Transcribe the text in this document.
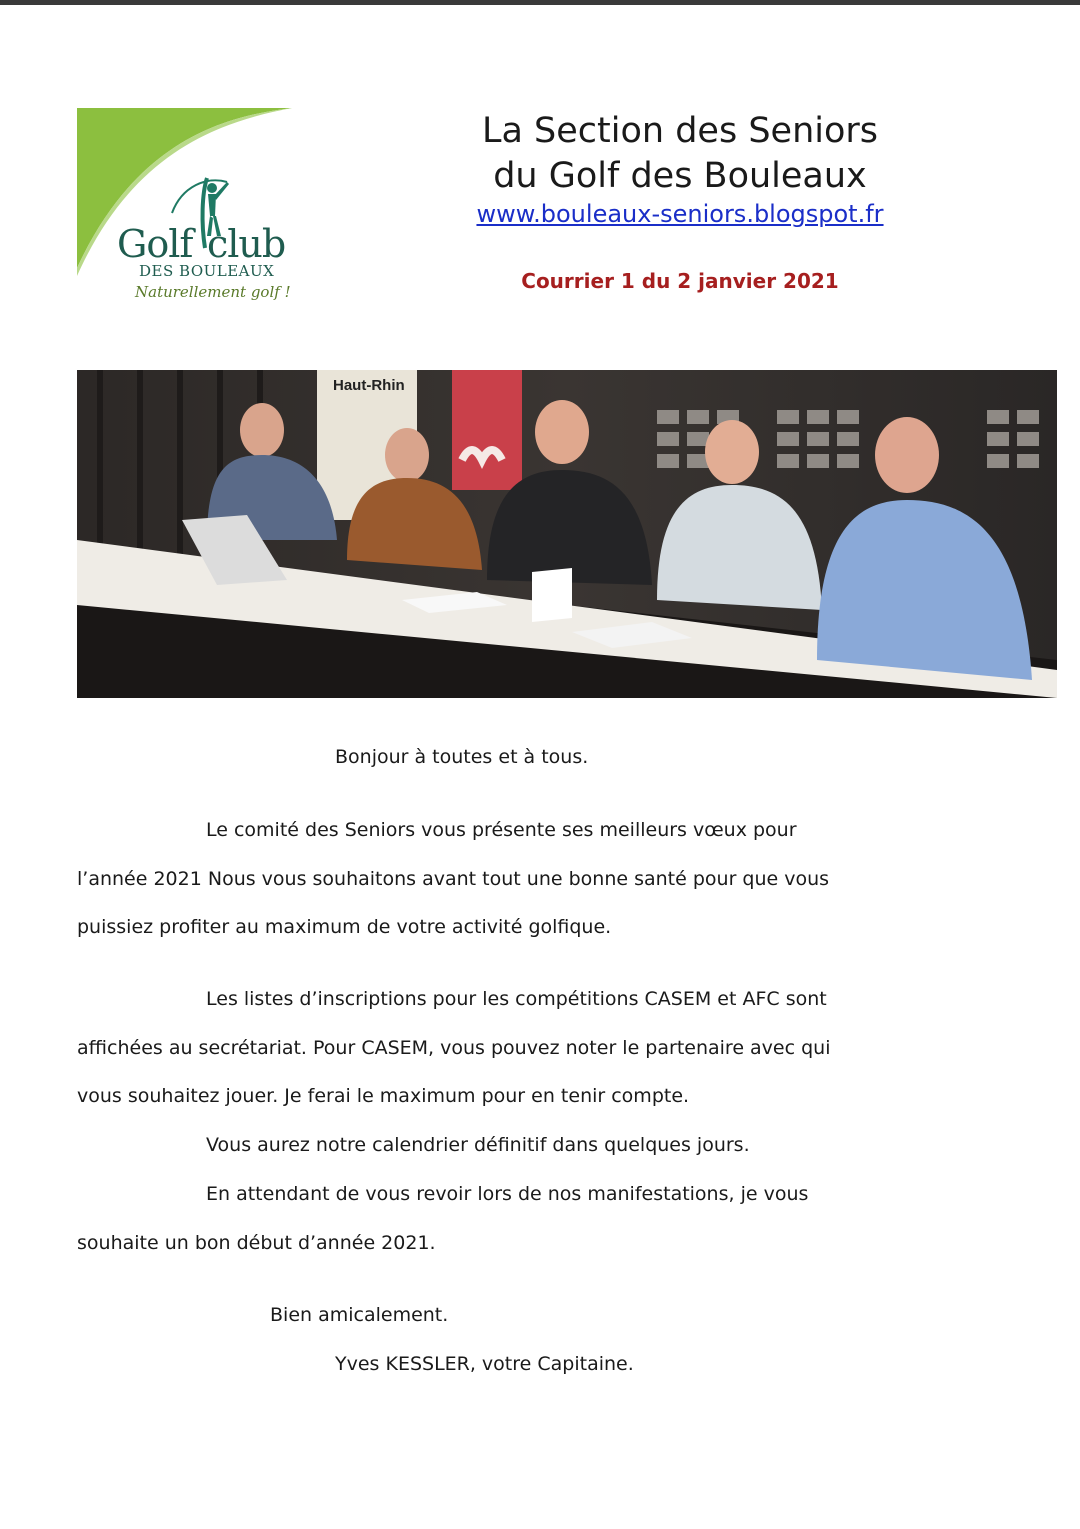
Golf club
DES BOULEAUX
Naturellement golf !
La Section des Seniors
du Golf des Bouleaux
www.bouleaux-seniors.blogspot.fr
Courrier 1 du 2 janvier 2021
Haut-Rhin
Bonjour à toutes et à tous.
Le comité des Seniors vous présente ses meilleurs vœux pour
l’année 2021 Nous vous souhaitons avant tout une bonne santé pour que vous
puissiez profiter au maximum de votre activité golfique.
Les listes d’inscriptions pour les compétitions CASEM et AFC sont
affichées au secrétariat. Pour CASEM, vous pouvez noter le partenaire avec qui
vous souhaitez jouer. Je ferai le maximum pour en tenir compte.
Vous aurez notre calendrier définitif dans quelques jours.
En attendant de vous revoir lors de nos manifestations, je vous
souhaite un bon début d’année 2021.
Bien amicalement.
Yves KESSLER, votre Capitaine.
